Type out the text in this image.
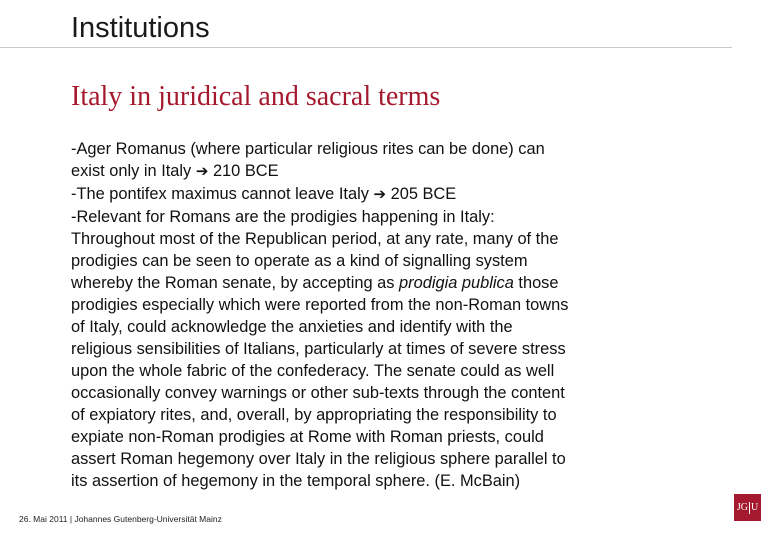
Institutions
Italy in juridical and sacral terms
-Ager Romanus (where particular religious rites can be done) can
exist only in Italy ➔ 210 BCE
-The pontifex maximus cannot leave Italy ➔ 205 BCE
-Relevant for Romans are the prodigies happening in Italy:
Throughout most of the Republican period, at any rate, many of the
prodigies can be seen to operate as a kind of signalling system
whereby the Roman senate, by accepting as prodigia publica those
prodigies especially which were reported from the non-Roman towns
of Italy, could acknowledge the anxieties and identify with the
religious sensibilities of Italians, particularly at times of severe stress
upon the whole fabric of the confederacy. The senate could as well
occasionally convey warnings or other sub-texts through the content
of expiatory rites, and, overall, by appropriating the responsibility to
expiate non-Roman prodigies at Rome with Roman priests, could
assert Roman hegemony over Italy in the religious sphere parallel to
its assertion of hegemony in the temporal sphere. (E. McBain)
26. Mai 2011 | Johannes Gutenberg-Universität Mainz
JG U
